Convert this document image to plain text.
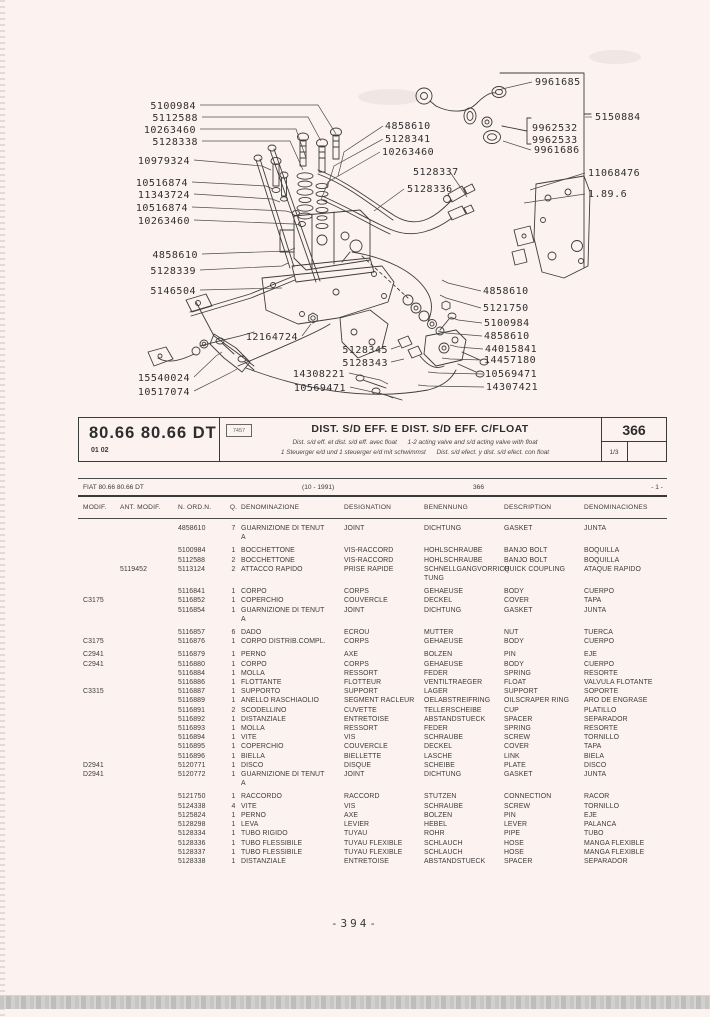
5100984
5112588
10263460
5128338
10979324
10516874
11343724
10516874
10263460
4858610
5128339
5146504
12164724
15540024
10517074
14308221
10569471
5128345
5128343
4858610
5128341
10263460
9961685
9962532
9962533
9961686
5150884
5128337	11068476
5128336	1.89.6
4858610
5121750
5100984
4858610
44015841
14457180
10569471
14307421
80.66 80.66 DT
01 02
7457	DIST. S/D EFF. E DIST. S/D EFF. C/FLOAT
Dist. s/d eff. et dist. s/d eff. avec float      1-2 acting valve and s/d acting valve with float
1 Steuerger e/d und 1 steuerger e/d mit schwimmst      Dist. s/d efect. y dist. s/d efect. con float
366
1/3
FIAT 80.66 80.66 DT	(10 - 1991)	366	- 1 -
MODIF.	ANT. MODIF.	N. ORD.N.	Q. DENOMINAZIONE	DESIGNATION	BENENNUNG	DESCRIPTION	DENOMINACIONES
4858610	7 GUARNIZIONE DI TENUT
A
JOINT	DICHTUNG	GASKET	JUNTA
5100984	1 BOCCHETTONE	VIS-RACCORD	HOHLSCHRAUBE	BANJO BOLT	BOQUILLA
5112588	2 BOCCHETTONE	VIS-RACCORD	HOHLSCHRAUBE	BANJO BOLT	BOQUILLA
5119452	5113124	2 ATTACCO RAPIDO	PRISE RAPIDE	SCHNELLGANGVORRICH
TUNG
QUICK COUPLING	ATAQUE RAPIDO
5116841	1 CORPO	CORPS	GEHAEUSE	BODY	CUERPO
C3175	5116852	1 COPERCHIO	COUVERCLE	DECKEL	COVER	TAPA
5116854	1 GUARNIZIONE DI TENUT
A
JOINT	DICHTUNG	GASKET	JUNTA
5116857	6 DADO	ECROU	MUTTER	NUT	TUERCA
C3175	5116876	1 CORPO DISTRIB.COMPL.	CORPS	GEHAEUSE	BODY	CUERPO
C2941	5116879	1 PERNO	AXE	BOLZEN	PIN	EJE
C2941	5116880	1 CORPO	CORPS	GEHAEUSE	BODY	CUERPO
5116884	1 MOLLA	RESSORT	FEDER	SPRING	RESORTE
5116886	1 FLOTTANTE	FLOTTEUR	VENTILTRAEGER	FLOAT	VALVULA FLOTANTE
C3315	5116887	1 SUPPORTO	SUPPORT	LAGER	SUPPORT	SOPORTE
5116889	1 ANELLO RASCHIAOLIO	SEGMENT RACLEUR	OELABSTREIFRING	OILSCRAPER RING	ARO DE ENGRASE
5116891	2 SCODELLINO	CUVETTE	TELLERSCHEIBE	CUP	PLATILLO
5116892	1 DISTANZIALE	ENTRETOISE	ABSTANDSTUECK	SPACER	SEPARADOR
5116893	1 MOLLA	RESSORT	FEDER	SPRING	RESORTE
5116894	1 VITE	VIS	SCHRAUBE	SCREW	TORNILLO
5116895	1 COPERCHIO	COUVERCLE	DECKEL	COVER	TAPA
5116896	1 BIELLA	BIELLETTE	LASCHE	LINK	BIELA
D2941	5120771	1 DISCO	DISQUE	SCHEIBE	PLATE	DISCO
D2941	5120772	1 GUARNIZIONE DI TENUT
A
JOINT	DICHTUNG	GASKET	JUNTA
5121750	1 RACCORDO	RACCORD	STUTZEN	CONNECTION	RACOR
5124338	4 VITE	VIS	SCHRAUBE	SCREW	TORNILLO
5125824	1 PERNO	AXE	BOLZEN	PIN	EJE
5128298	1 LEVA	LEVIER	HEBEL	LEVER	PALANCA
5128334	1 TUBO RIGIDO	TUYAU	ROHR	PIPE	TUBO
5128336	1 TUBO FLESSIBILE	TUYAU FLEXIBLE	SCHLAUCH	HOSE	MANGA FLEXIBLE
5128337	1 TUBO FLESSIBILE	TUYAU FLEXIBLE	SCHLAUCH	HOSE	MANGA FLEXIBLE
5128338	1 DISTANZIALE	ENTRETOISE	ABSTANDSTUECK	SPACER	SEPARADOR
-394-
